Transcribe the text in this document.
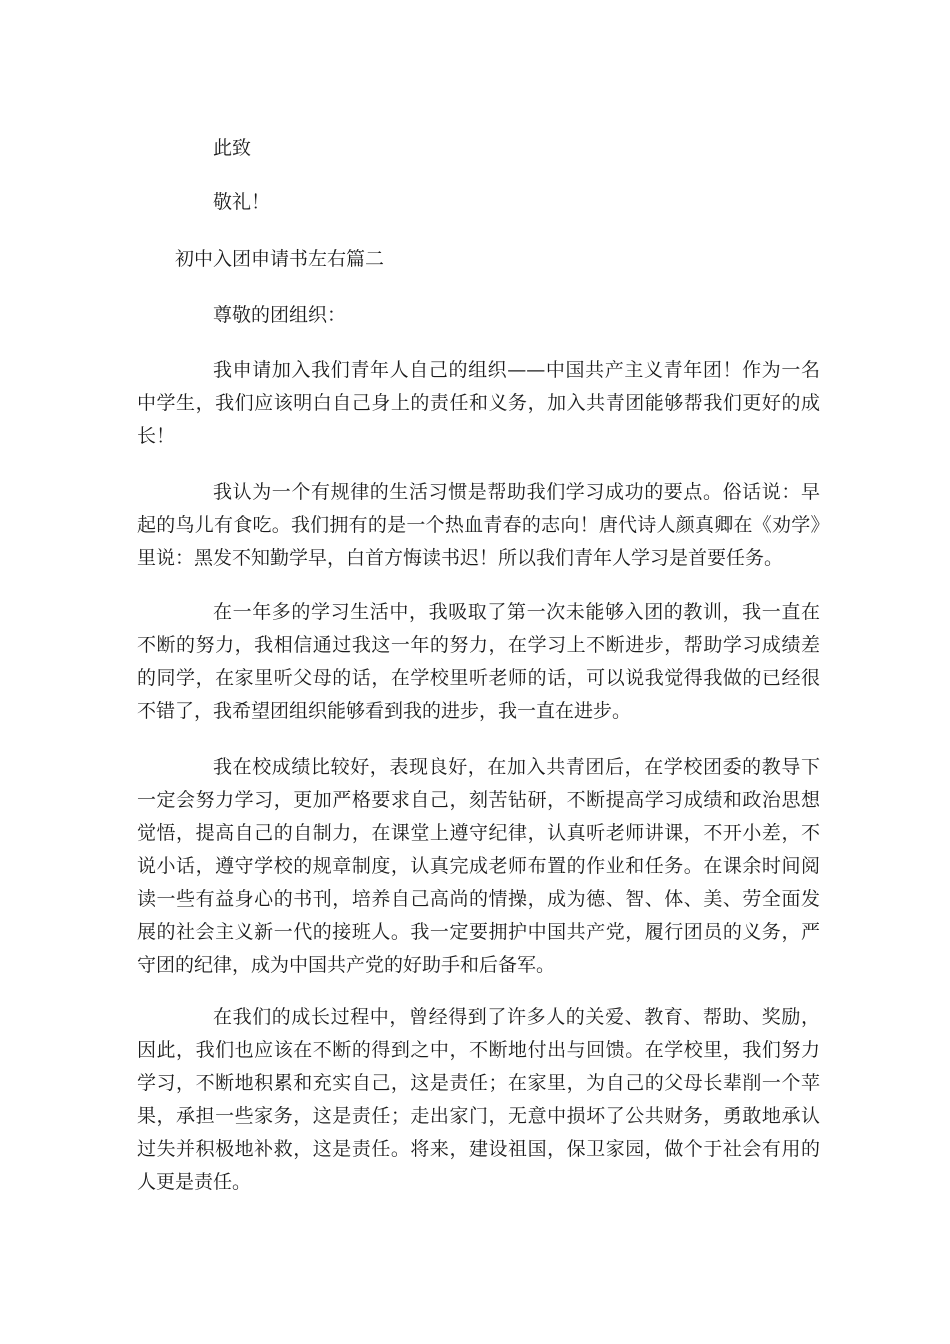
此致
敬礼！
初中入团申请书左右篇二
尊敬的团组织：

我申请加入我们青年人自己的组织——中国共产主义青年团！作为一名中学生，我们应该明白自己身上的责任和义务，加入共青团能够帮我们更好的成长！

我认为一个有规律的生活习惯是帮助我们学习成功的要点。俗话说：早起的鸟儿有食吃。我们拥有的是一个热血青春的志向！唐代诗人颜真卿在《劝学》里说：黑发不知勤学早，白首方悔读书迟！所以我们青年人学习是首要任务。

在一年多的学习生活中，我吸取了第一次未能够入团的教训，我一直在不断的努力，我相信通过我这一年的努力，在学习上不断进步，帮助学习成绩差的同学，在家里听父母的话，在学校里听老师的话，可以说我觉得我做的已经很不错了，我希望团组织能够看到我的进步，我一直在进步。

我在校成绩比较好，表现良好，在加入共青团后，在学校团委的教导下一定会努力学习，更加严格要求自己，刻苦钻研，不断提高学习成绩和政治思想觉悟，提高自己的自制力，在课堂上遵守纪律，认真听老师讲课，不开小差，不说小话，遵守学校的规章制度，认真完成老师布置的作业和任务。在课余时间阅读一些有益身心的书刊，培养自己高尚的情操，成为德、智、体、美、劳全面发展的社会主义新一代的接班人。我一定要拥护中国共产党，履行团员的义务，严守团的纪律，成为中国共产党的好助手和后备军。

在我们的成长过程中，曾经得到了许多人的关爱、教育、帮助、奖励，因此，我们也应该在不断的得到之中，不断地付出与回馈。在学校里，我们努力学习，不断地积累和充实自己，这是责任；在家里，为自己的父母长辈削一个苹果，承担一些家务，这是责任；走出家门，无意中损坏了公共财务，勇敢地承认过失并积极地补救，这是责任。将来，建设祖国，保卫家园，做个于社会有用的人更是责任。
